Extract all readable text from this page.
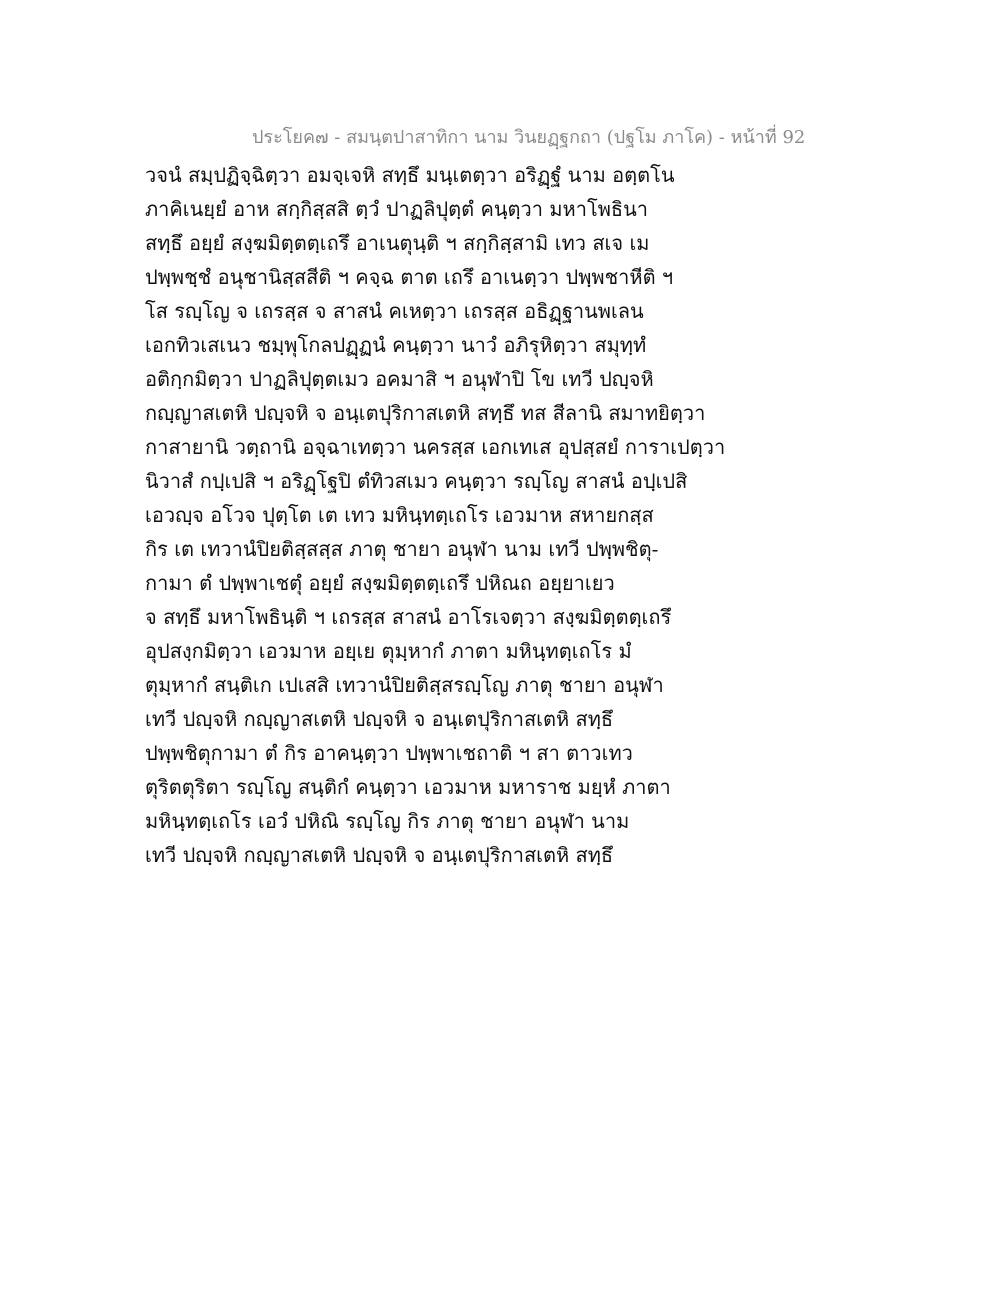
ประโยค๗ - สมนฺตปาสาทิกา นาม วินยฏฺฐกถา (ปฐโม ภาโค) - หน้าที่ 92
วจนํ สมฺปฏิจฺฉิตฺวา อมจฺเจหิ สทฺธึ มนฺเตตฺวา อริฏฺฐํ นาม อตฺตโน
ภาคิเนยฺยํ อาห สกฺกิสฺสสิ ตฺวํ ปาฏลิปุตฺตํ คนฺตฺวา มหาโพธินา
สทฺธึ อยฺยํ สงฺฆมิตฺตตฺเถรึ อาเนตุนฺติ ฯ สกฺกิสฺสามิ เทว สเจ เม
ปพฺพชฺชํ อนุชานิสฺสสีติ ฯ คจฺฉ ตาต เถรึ อาเนตฺวา ปพฺพชาหีติ ฯ
โส รญฺโญ จ เถรสฺส จ สาสนํ คเหตฺวา เถรสฺส อธิฏฺฐานพเลน
เอกทิวเสเนว ชมฺพุโกลปฏฺฏนํ คนฺตฺวา นาวํ อภิรุหิตฺวา สมุทฺทํ
อติกฺกมิตฺวา ปาฏลิปุตฺตเมว อคมาสิ ฯ อนุฬาปิ โข เทวี ปญฺจหิ
กญฺญาสเตหิ ปญฺจหิ จ อนฺเตปุริกาสเตหิ สทฺธึ ทส สีลานิ สมาทยิตฺวา
กาสายานิ วตฺถานิ อจฺฉาเทตฺวา นครสฺส เอกเทเส อุปสฺสยํ การาเปตฺวา
นิวาสํ กปฺเปสิ ฯ อริฏฺโฐปิ ตํทิวสเมว คนฺตฺวา รญฺโญ สาสนํ อปฺเปสิ
เอวญฺจ อโวจ ปุตฺโต เต เทว มหินฺทตฺเถโร เอวมาห สหายกสฺส
กิร เต เทวานํปิยติสฺสสฺส ภาตุ ชายา อนุฬา นาม เทวี ปพฺพชิตุ-
กามา ตํ ปพฺพาเชตุํ อยฺยํ สงฺฆมิตฺตตฺเถรึ ปหิณถ อยฺยาเยว
จ สทฺธึ มหาโพธินฺติ ฯ เถรสฺส สาสนํ อาโรเจตฺวา สงฺฆมิตฺตตฺเถรึ
อุปสงฺกมิตฺวา เอวมาห อยฺเย ตุมฺหากํ ภาตา มหินฺทตฺเถโร มํ
ตุมฺหากํ สนฺติเก เปเสสิ เทวานํปิยติสฺสรญฺโญ ภาตุ ชายา อนุฬา
เทวี ปญฺจหิ กญฺญาสเตหิ ปญฺจหิ จ อนฺเตปุริกาสเตหิ สทฺธึ
ปพฺพชิตุกามา ตํ กิร อาคนฺตฺวา ปพฺพาเชถาติ ฯ สา ตาวเทว
ตุริตตุริตา รญฺโญ สนฺติกํ คนฺตฺวา เอวมาห มหาราช มยฺหํ ภาตา
มหินฺทตฺเถโร เอวํ ปหิณิ รญฺโญ กิร ภาตุ ชายา อนุฬา นาม
เทวี ปญฺจหิ กญฺญาสเตหิ ปญฺจหิ จ อนฺเตปุริกาสเตหิ สทฺธึ
